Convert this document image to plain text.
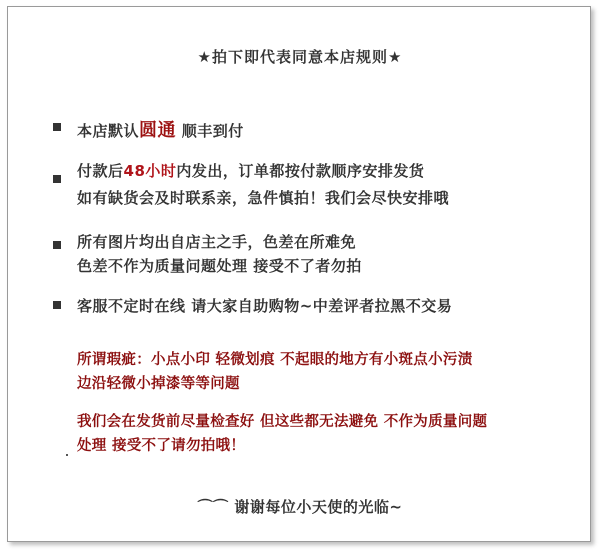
★拍下即代表同意本店规则★
本店默认圆通 顺丰到付
付款后48小时内发出，订单都按付款顺序安排发货
如有缺货会及时联系亲，急件慎拍！我们会尽快安排哦
所有图片均出自店主之手，色差在所难免
色差不作为质量问题处理 接受不了者勿拍
客服不定时在线 请大家自助购物~中差评者拉黑不交易
所谓瑕疵：小点小印 轻微划痕 不起眼的地方有小斑点小污渍
边沿轻微小掉漆等等问题
我们会在发货前尽量检查好 但这些都无法避免 不作为质量问题
处理 接受不了请勿拍哦！
⌒⌒ 谢谢每位小天使的光临~
